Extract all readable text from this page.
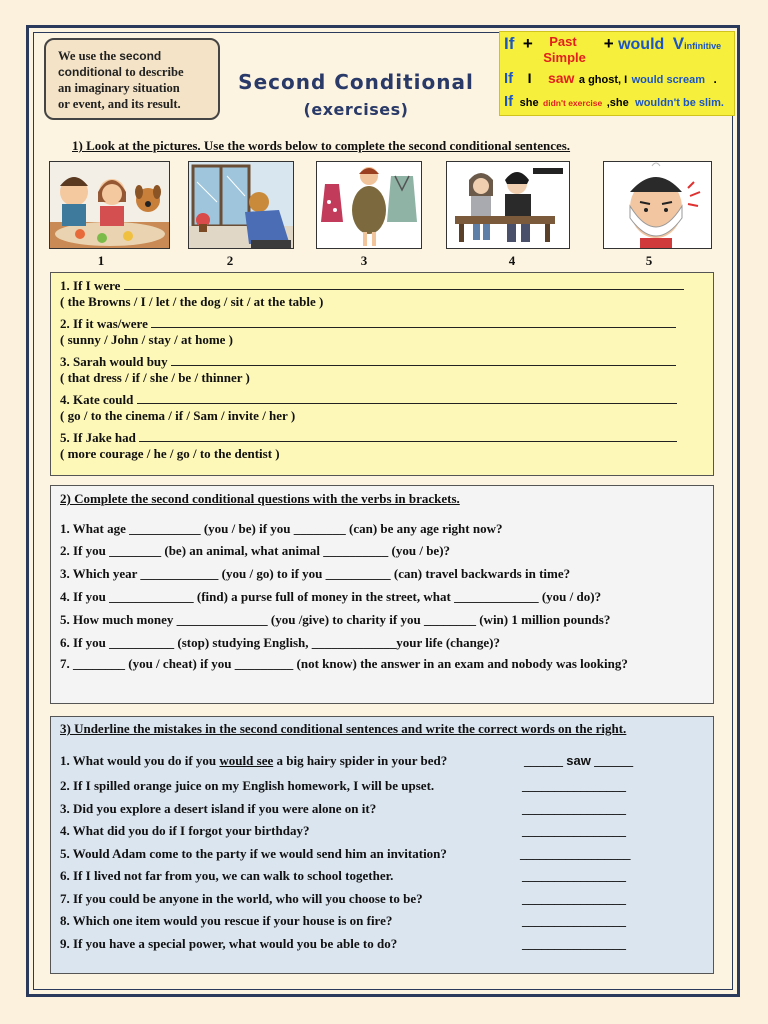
We use the second
conditional to describe
an imaginary situation
or event, and its result.
Second Conditional
(exercises)
If + Past
Simple
+ would Vinfinitive
If I saw a ghost, I would scream .
If she didn't exercise ,she wouldn't be slim.
1) Look at the pictures. Use the words below to complete the second conditional sentences.
1	2	3	4	5
1. If I were
( the Browns / I / let / the dog / sit / at the table )
2. If it was/were
( sunny / John / stay / at home )
3. Sarah would buy
( that dress / if / she / be / thinner )
4. Kate could
( go / to the cinema / if / Sam / invite / her )
5. If Jake had
( more courage / he / go / to the dentist )
2) Complete the second conditional questions with the verbs in brackets.
1. What age ___________ (you / be) if you ________ (can) be any age right now?
2. If you ________ (be) an animal, what animal __________ (you / be)?
3. Which year ____________ (you / go) to if you __________ (can) travel backwards in time?
4. If you _____________ (find) a purse full of money in the street, what _____________ (you / do)?
5. How much money ______________ (you /give) to charity if you ________ (win) 1 million pounds?
6. If you __________ (stop) studying English, _____________your life (change)?
7. ________ (you / cheat) if you _________ (not know) the answer in an exam and nobody was looking?
3) Underline the mistakes in the second conditional sentences and write the correct words on the right.
1. What would you do if you would see a big hairy spider in your bed?	______ saw ______
2. If I spilled orange juice on my English homework, I will be upset.	________________
3. Did you explore a desert island if you were alone on it?	________________
4. What did you do if I forgot your birthday?	________________
5. Would Adam come to the party if we would send him an invitation?	_________________
6. If I lived not far from you, we can walk to school together.	________________
7. If you could be anyone in the world, who will you choose to be?	________________
8. Which one item would you rescue if your house is on fire?	________________
9. If you have a special power, what would you be able to do?	________________
